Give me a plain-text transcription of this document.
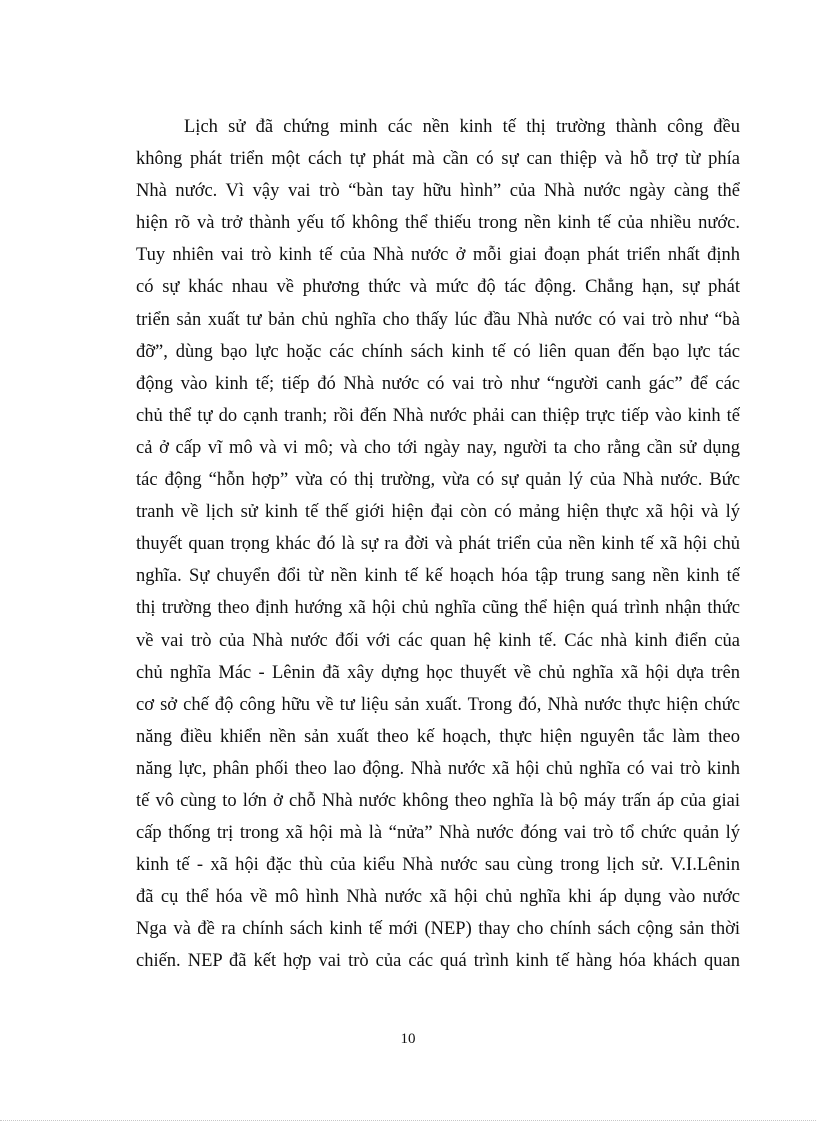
Lịch sử đã chứng minh các nền kinh tế thị trường thành công đều
không phát triển một cách tự phát mà cần có sự can thiệp và hỗ trợ từ phía
Nhà nước. Vì vậy vai trò “bàn tay hữu hình” của Nhà nước ngày càng thể
hiện rõ và trở thành yếu tố không thể thiếu trong nền kinh tế của nhiều nước.
Tuy nhiên vai trò kinh tế của Nhà nước ở mỗi giai đoạn phát triển nhất định
có sự khác nhau về phương thức và mức độ tác động. Chẳng hạn, sự phát
triển sản xuất tư bản chủ nghĩa cho thấy lúc đầu Nhà nước có vai trò như “bà
đỡ”, dùng bạo lực hoặc các chính sách kinh tế có liên quan đến bạo lực tác
động vào kinh tế; tiếp đó Nhà nước có vai trò như “người canh gác” để các
chủ thể tự do cạnh tranh; rồi đến Nhà nước phải can thiệp trực tiếp vào kinh tế
cả ở cấp vĩ mô và vi mô; và cho tới ngày nay, người ta cho rằng cần sử dụng
tác động “hỗn hợp” vừa có thị trường, vừa có sự quản lý của Nhà nước. Bức
tranh về lịch sử kinh tế thế giới hiện đại còn có mảng hiện thực xã hội và lý
thuyết quan trọng khác đó là sự ra đời và phát triển của nền kinh tế xã hội chủ
nghĩa. Sự chuyển đổi từ nền kinh tế kế hoạch hóa tập trung sang nền kinh tế
thị trường theo định hướng xã hội chủ nghĩa cũng thể hiện quá trình nhận thức
về vai trò của Nhà nước đối với các quan hệ kinh tế. Các nhà kinh điển của
chủ nghĩa Mác - Lênin đã xây dựng học thuyết về chủ nghĩa xã hội dựa trên
cơ sở chế độ công hữu về tư liệu sản xuất. Trong đó, Nhà nước thực hiện chức
năng điều khiển nền sản xuất theo kế hoạch, thực hiện nguyên tắc làm theo
năng lực, phân phối theo lao động. Nhà nước xã hội chủ nghĩa có vai trò kinh
tế vô cùng to lớn ở chỗ Nhà nước không theo nghĩa là bộ máy trấn áp của giai
cấp thống trị trong xã hội mà là “nửa” Nhà nước đóng vai trò tổ chức quản lý
kinh tế - xã hội đặc thù của kiểu Nhà nước sau cùng trong lịch sử. V.I.Lênin
đã cụ thể hóa về mô hình Nhà nước xã hội chủ nghĩa khi áp dụng vào nước
Nga và đề ra chính sách kinh tế mới (NEP) thay cho chính sách cộng sản thời
chiến. NEP đã kết hợp vai trò của các quá trình kinh tế hàng hóa khách quan
10
